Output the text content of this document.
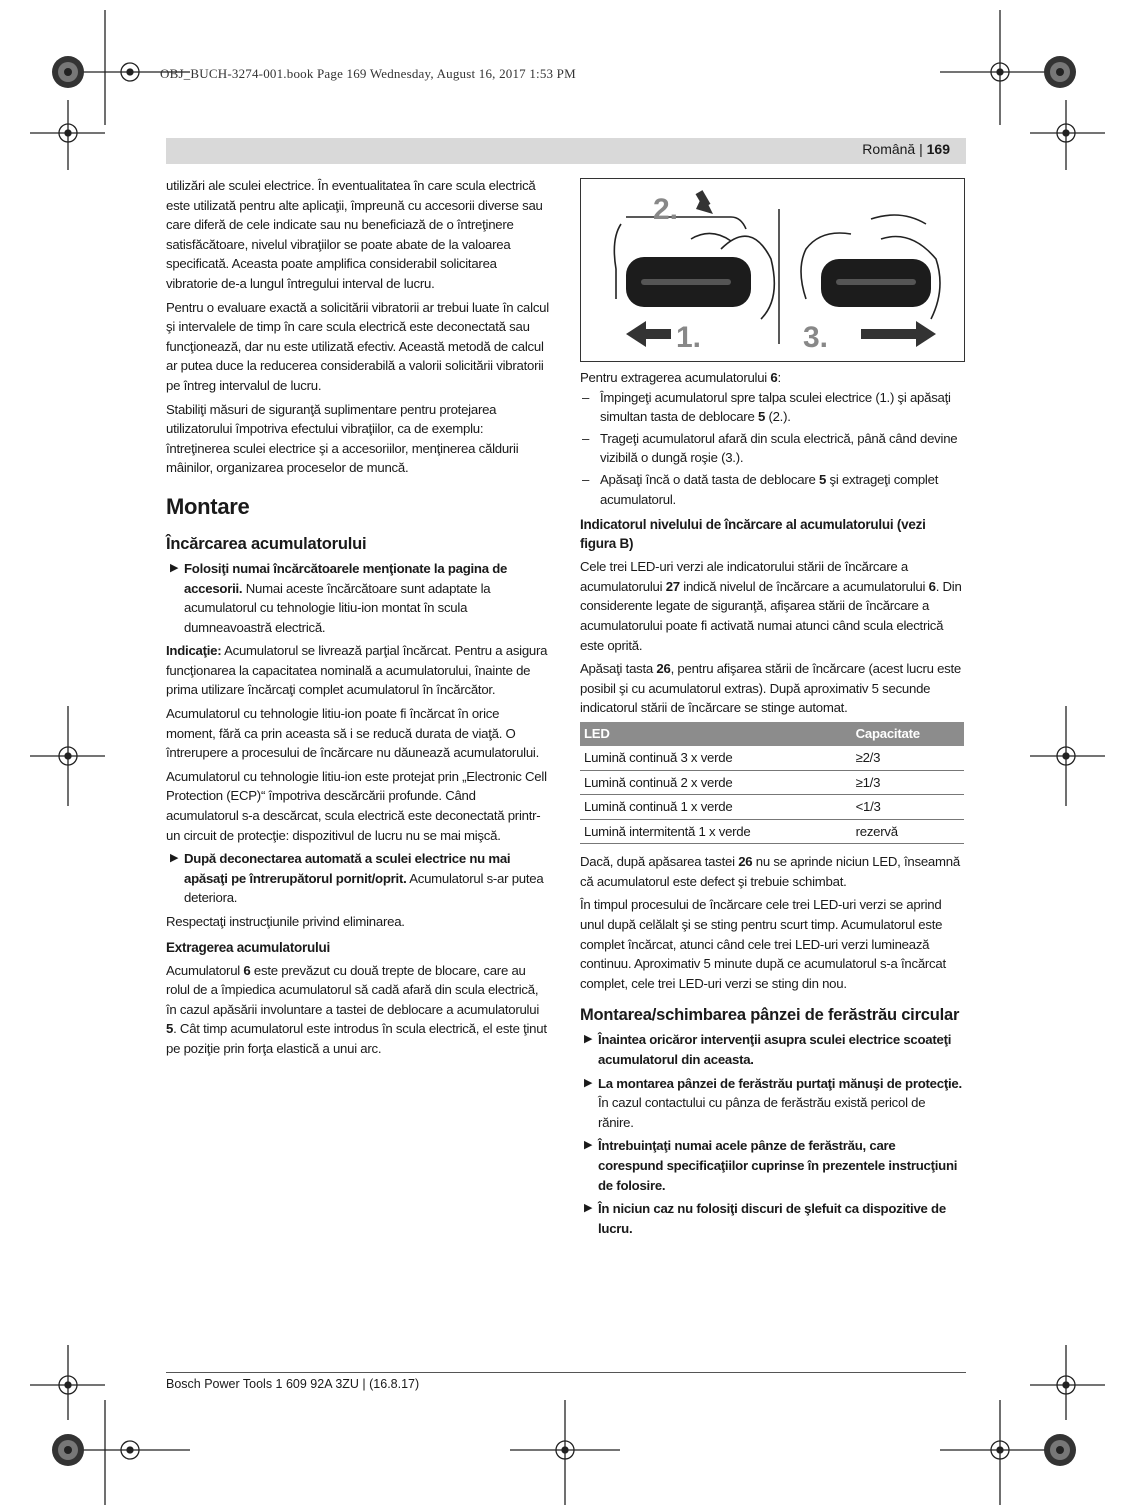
OBJ_BUCH-3274-001.book Page 169 Wednesday, August 16, 2017 1:53 PM
Română | 169

utilizări ale sculei electrice. În eventualitatea în care scula electrică este utilizată pentru alte aplicaţii, împreună cu accesorii diverse sau care diferă de cele indicate sau nu beneficiază de o întreţinere satisfăcătoare, nivelul vibraţiilor se poate abate de la valoarea specificată. Aceasta poate amplifica considerabil solicitarea vibratorie de-a lungul întregului interval de lucru.

Pentru o evaluare exactă a solicitării vibratorii ar trebui luate în calcul şi intervalele de timp în care scula electrică este deconectată sau funcţionează, dar nu este utilizată efectiv. Această metodă de calcul ar putea duce la reducerea considerabilă a valorii solicitării vibratorii pe întreg intervalul de lucru.

Stabiliţi măsuri de siguranţă suplimentare pentru protejarea utilizatorului împotriva efectului vibraţiilor, ca de exemplu: întreţinerea sculei electrice şi a accesoriilor, menţinerea căldurii mâinilor, organizarea proceselor de muncă.

Montare
Încărcarea acumulatorului
▶ Folosiţi numai încărcătoarele menţionate la pagina de accesorii. Numai aceste încărcătoare sunt adaptate la acumulatorul cu tehnologie litiu-ion montat în scula dumneavoastră electrică.

Indicaţie: Acumulatorul se livrează parţial încărcat. Pentru a asigura funcţionarea la capacitatea nominală a acumulatorului, înainte de prima utilizare încărcaţi complet acumulatorul în încărcător.

Acumulatorul cu tehnologie litiu-ion poate fi încărcat în orice moment, fără ca prin aceasta să i se reducă durata de viaţă. O întrerupere a procesului de încărcare nu dăunează acumulatorului.

Acumulatorul cu tehnologie litiu-ion este protejat prin „Electronic Cell Protection (ECP)“ împotriva descărcării profunde. Când acumulatorul s-a descărcat, scula electrică este deconectată printr-un circuit de protecţie: dispozitivul de lucru nu se mai mişcă.

▶ După deconectarea automată a sculei electrice nu mai apăsaţi pe întrerupătorul pornit/oprit. Acumulatorul s-ar putea deteriora.

Respectaţi instrucţiunile privind eliminarea.

Extragerea acumulatorului

Acumulatorul 6 este prevăzut cu două trepte de blocare, care au rolul de a împiedica acumulatorul să cadă afară din scula electrică, în cazul apăsării involuntare a tastei de deblocare a acumulatorului 5. Cât timp acumulatorul este introdus în scula electrică, el este ţinut pe poziţie prin forţa elastică a unui arc.

2.
1.	3.

Pentru extragerea acumulatorului 6:

– Împingeţi acumulatorul spre talpa sculei electrice (1.) şi apăsaţi simultan tasta de deblocare 5 (2.).
– Trageţi acumulatorul afară din scula electrică, până când devine vizibilă o dungă roşie (3.).
– Apăsaţi încă o dată tasta de deblocare 5 şi extrageţi complet acumulatorul.
Indicatorul nivelului de încărcare al acumulatorului (vezi figura B)

Cele trei LED-uri verzi ale indicatorului stării de încărcare a acumulatorului 27 indică nivelul de încărcare a acumulatorului 6. Din considerente legate de siguranţă, afişarea stării de încărcare a acumulatorului poate fi activată numai atunci când scula electrică este oprită.

Apăsaţi tasta 26, pentru afişarea stării de încărcare (acest lucru este posibil şi cu acumulatorul extras). După aproximativ 5 secunde indicatorul stării de încărcare se stinge automat.

LED	Capacitate
Lumină continuă 3 x verde	≥2/3
Lumină continuă 2 x verde	≥1/3
Lumină continuă 1 x verde	<1/3
Lumină intermitentă 1 x verde	rezervă

Dacă, după apăsarea tastei 26 nu se aprinde niciun LED, înseamnă că acumulatorul este defect şi trebuie schimbat.

În timpul procesului de încărcare cele trei LED-uri verzi se aprind unul după celălalt şi se sting pentru scurt timp. Acumulatorul este complet încărcat, atunci când cele trei LED-uri verzi luminează continuu. Aproximativ 5 minute după ce acumulatorul s-a încărcat complet, cele trei LED-uri verzi se sting din nou.

Montarea/schimbarea pânzei de ferăstrău circular
▶ Înaintea oricăror intervenţii asupra sculei electrice scoateţi acumulatorul din aceasta.
▶ La montarea pânzei de ferăstrău purtaţi mănuşi de protecţie. În cazul contactului cu pânza de ferăstrău există pericol de rănire.
▶ Întrebuinţaţi numai acele pânze de ferăstrău, care corespund specificaţiilor cuprinse în prezentele instrucţiuni de folosire.
▶ În niciun caz nu folosiţi discuri de şlefuit ca dispozitive de lucru.
Bosch Power Tools 1 609 92A 3ZU | (16.8.17)
